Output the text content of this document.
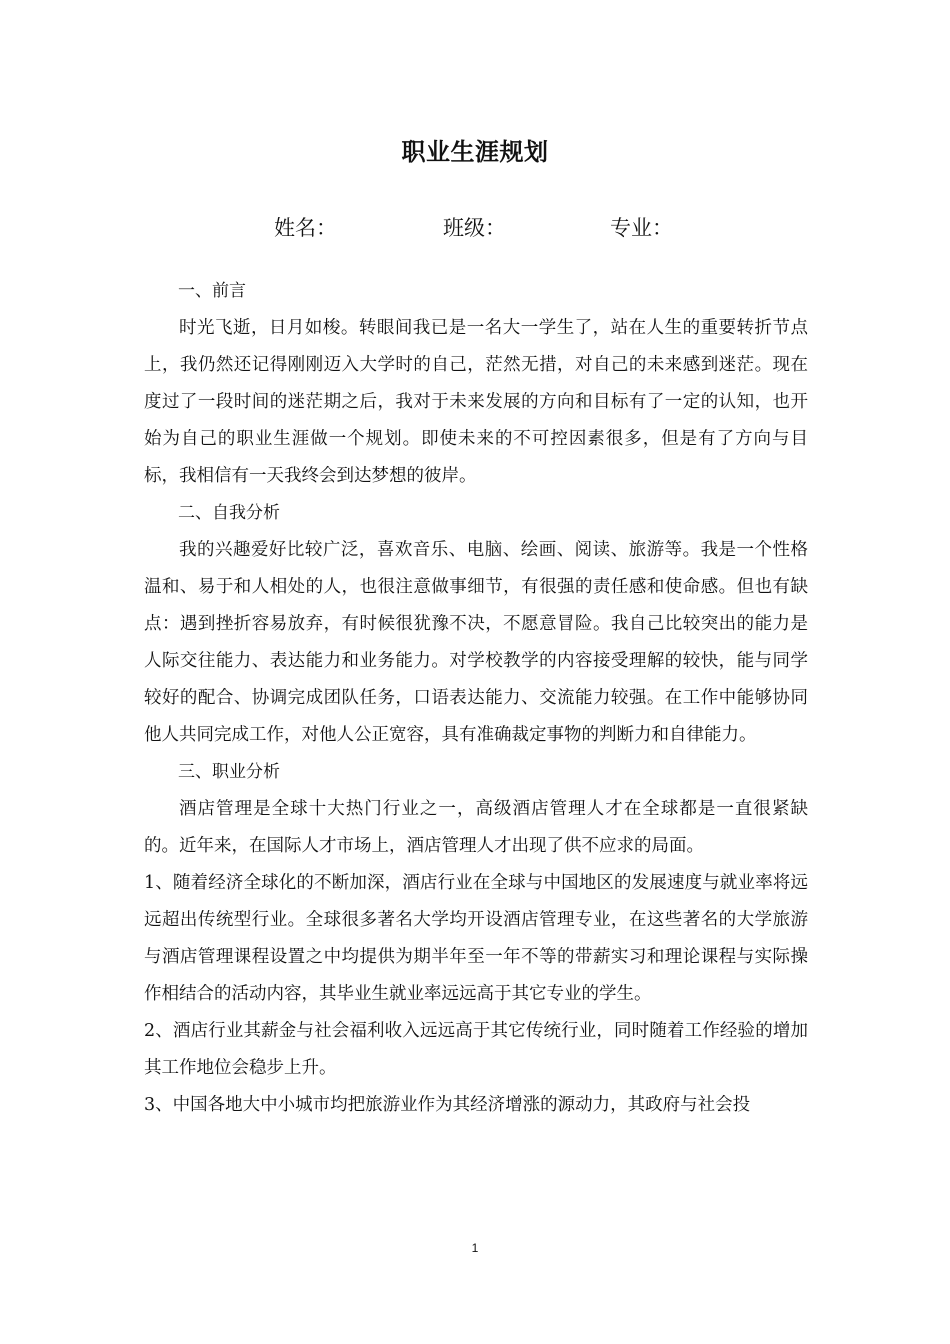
职业生涯规划
姓名：	班级：	专业：

一、前言

时光飞逝，日月如梭。转眼间我已是一名大一学生了，站在人生的重要转折节点上，我仍然还记得刚刚迈入大学时的自己，茫然无措，对自己的未来感到迷茫。现在度过了一段时间的迷茫期之后，我对于未来发展的方向和目标有了一定的认知，也开始为自己的职业生涯做一个规划。即使未来的不可控因素很多，但是有了方向与目标，我相信有一天我终会到达梦想的彼岸。

二、自我分析

我的兴趣爱好比较广泛，喜欢音乐、电脑、绘画、阅读、旅游等。我是一个性格温和、易于和人相处的人，也很注意做事细节，有很强的责任感和使命感。但也有缺点：遇到挫折容易放弃，有时候很犹豫不决，不愿意冒险。我自己比较突出的能力是人际交往能力、表达能力和业务能力。对学校教学的内容接受理解的较快，能与同学较好的配合、协调完成团队任务，口语表达能力、交流能力较强。在工作中能够协同他人共同完成工作，对他人公正宽容，具有准确裁定事物的判断力和自律能力。

三、职业分析

酒店管理是全球十大热门行业之一，高级酒店管理人才在全球都是一直很紧缺的。近年来，在国际人才市场上，酒店管理人才出现了供不应求的局面。

1、随着经济全球化的不断加深，酒店行业在全球与中国地区的发展速度与就业率将远远超出传统型行业。全球很多著名大学均开设酒店管理专业，在这些著名的大学旅游与酒店管理课程设置之中均提供为期半年至一年不等的带薪实习和理论课程与实际操作相结合的活动内容，其毕业生就业率远远高于其它专业的学生。

2、酒店行业其薪金与社会福利收入远远高于其它传统行业，同时随着工作经验的增加其工作地位会稳步上升。

3、中国各地大中小城市均把旅游业作为其经济增涨的源动力，其政府与社会投

1
